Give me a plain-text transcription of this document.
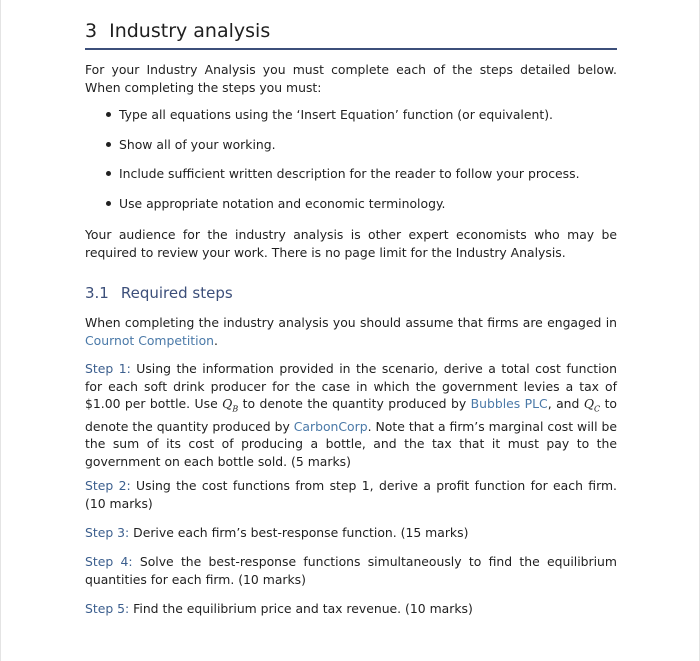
3 Industry analysis

For your Industry Analysis you must complete each of the steps detailed below. When completing the steps you must:

Type all equations using the ‘Insert Equation’ function (or equivalent).
Show all of your working.
Include sufficient written description for the reader to follow your process.
Use appropriate notation and economic terminology.

Your audience for the industry analysis is other expert economists who may be required to review your work. There is no page limit for the Industry Analysis.

3.1 Required steps

When completing the industry analysis you should assume that firms are engaged in Cournot Competition.

Step 1: Using the information provided in the scenario, derive a total cost function for each soft drink producer for the case in which the government levies a tax of $1.00 per bottle. Use $Q_B$ to denote the quantity produced by Bubbles PLC, and $Q_C$ to denote the quantity produced by CarbonCorp. Note that a firm’s marginal cost will be the sum of its cost of producing a bottle, and the tax that it must pay to the government on each bottle sold. (5 marks)

Step 2: Using the cost functions from step 1, derive a profit function for each firm. (10 marks)

Step 3: Derive each firm’s best-response function. (15 marks)

Step 4: Solve the best-response functions simultaneously to find the equilibrium quantities for each firm. (10 marks)

Step 5: Find the equilibrium price and tax revenue. (10 marks)
